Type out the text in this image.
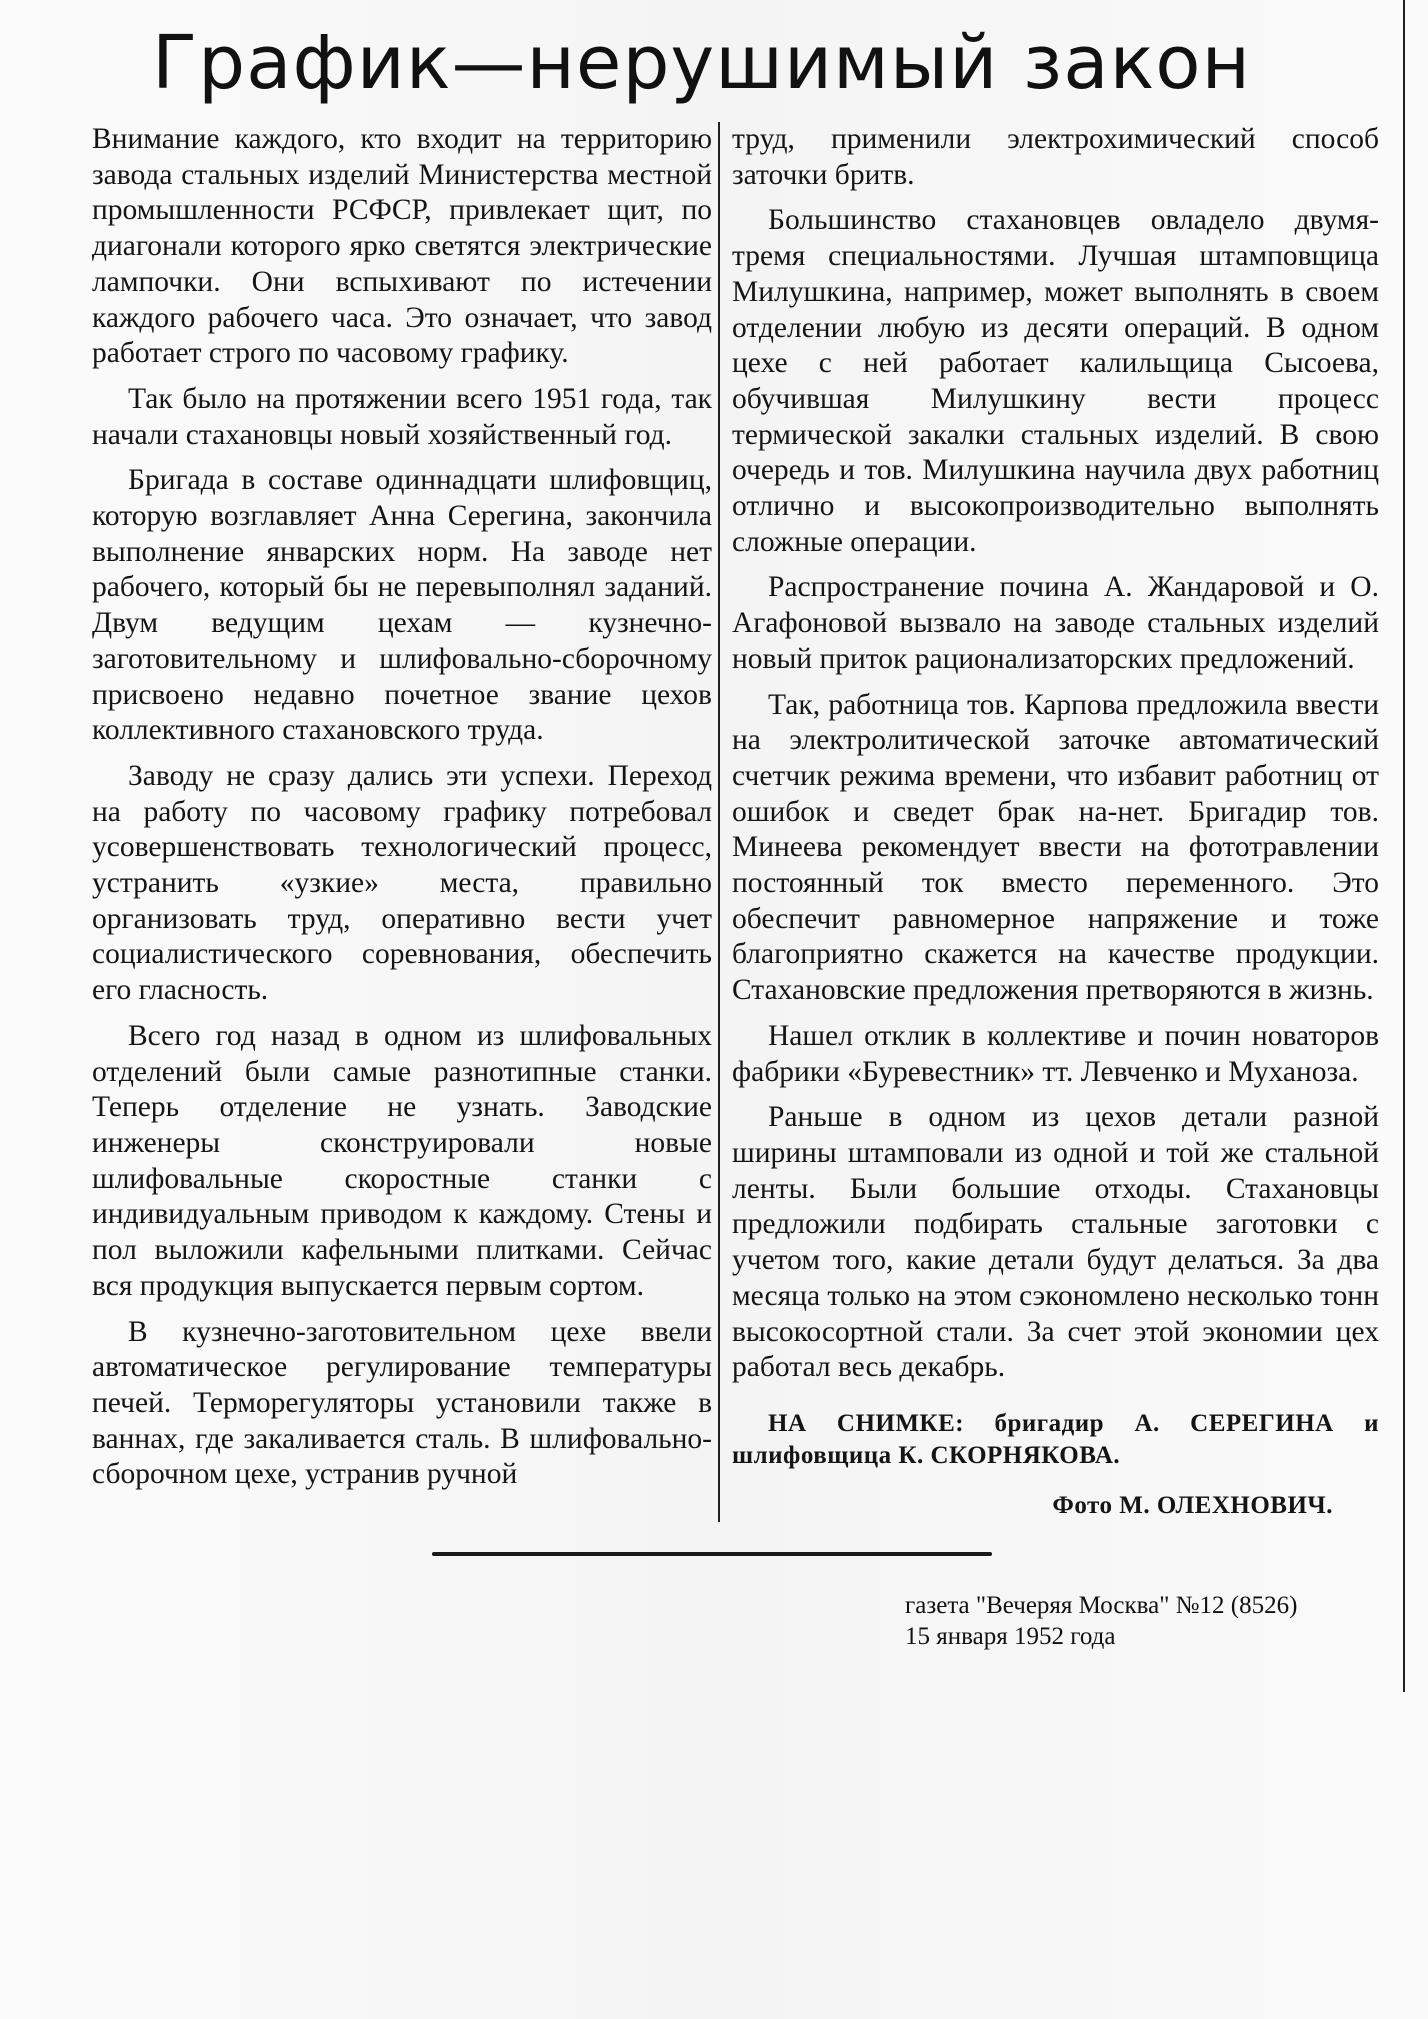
График—нерушимый закон

Внимание каждого, кто входит на территорию завода стальных изделий Министерства местной промышленности РСФСР, привлекает щит, по диагонали которого ярко светятся электрические лампочки. Они вспыхивают по истечении каждого рабочего часа. Это означает, что завод работает строго по часовому графику.

Так было на протяжении всего 1951 года, так начали стахановцы новый хозяйственный год.

Бригада в составе одиннадцати шлифовщиц, которую возглавляет Анна Серегина, закончила выполнение январских норм. На заводе нет рабочего, который бы не перевыполнял заданий. Двум ведущим цехам — кузнечно-заготовительному и шлифовально-сборочному присвоено недавно почетное звание цехов коллективного стахановского труда.

Заводу не сразу дались эти успехи. Переход на работу по часовому графику потребовал усовершенствовать технологический процесс, устранить «узкие» места, правильно организовать труд, оперативно вести учет социалистического соревнования, обеспечить его гласность.

Всего год назад в одном из шлифовальных отделений были самые разнотипные станки. Теперь отделение не узнать. Заводские инженеры сконструировали новые шлифовальные скоростные станки с индивидуальным приводом к каждому. Стены и пол выложили кафельными плитками. Сейчас вся продукция выпускается первым сортом.

В кузнечно-заготовительном цехе ввели автоматическое регулирование температуры печей. Терморегуляторы установили также в ваннах, где закаливается сталь. В шлифовально-сборочном цехе, устранив ручной

труд, применили электрохимический способ заточки бритв.

Большинство стахановцев овладело двумя-тремя специальностями. Лучшая штамповщица Милушкина, например, может выполнять в своем отделении любую из десяти операций. В одном цехе с ней работает калильщица Сысоева, обучившая Милушкину вести процесс термической закалки стальных изделий. В свою очередь и тов. Милушкина научила двух работниц отлично и высокопроизводительно выполнять сложные операции.

Распространение почина А. Жандаровой и О. Агафоновой вызвало на заводе стальных изделий новый приток рационализаторских предложений.

Так, работница тов. Карпова предложила ввести на электролитической заточке автоматический счетчик режима времени, что избавит работниц от ошибок и сведет брак на-нет. Бригадир тов. Минеева рекомендует ввести на фототравлении постоянный ток вместо переменного. Это обеспечит равномерное напряжение и тоже благоприятно скажется на качестве продукции. Стахановские предложения претворяются в жизнь.

Нашел отклик в коллективе и почин новаторов фабрики «Буревестник» тт. Левченко и Муханоза.

Раньше в одном из цехов детали разной ширины штамповали из одной и той же стальной ленты. Были большие отходы. Стахановцы предложили подбирать стальные заготовки с учетом того, какие детали будут делаться. За два месяца только на этом сэкономлено несколько тонн высокосортной стали. За счет этой экономии цех работал весь декабрь.

НА СНИМКЕ: бригадир А. СЕРЕГИНА и шлифовщица К. СКОРНЯКОВА.
Фото М. ОЛЕХНОВИЧ.
газета "Вечеряя Москва" №12 (8526)
15 января 1952 года
